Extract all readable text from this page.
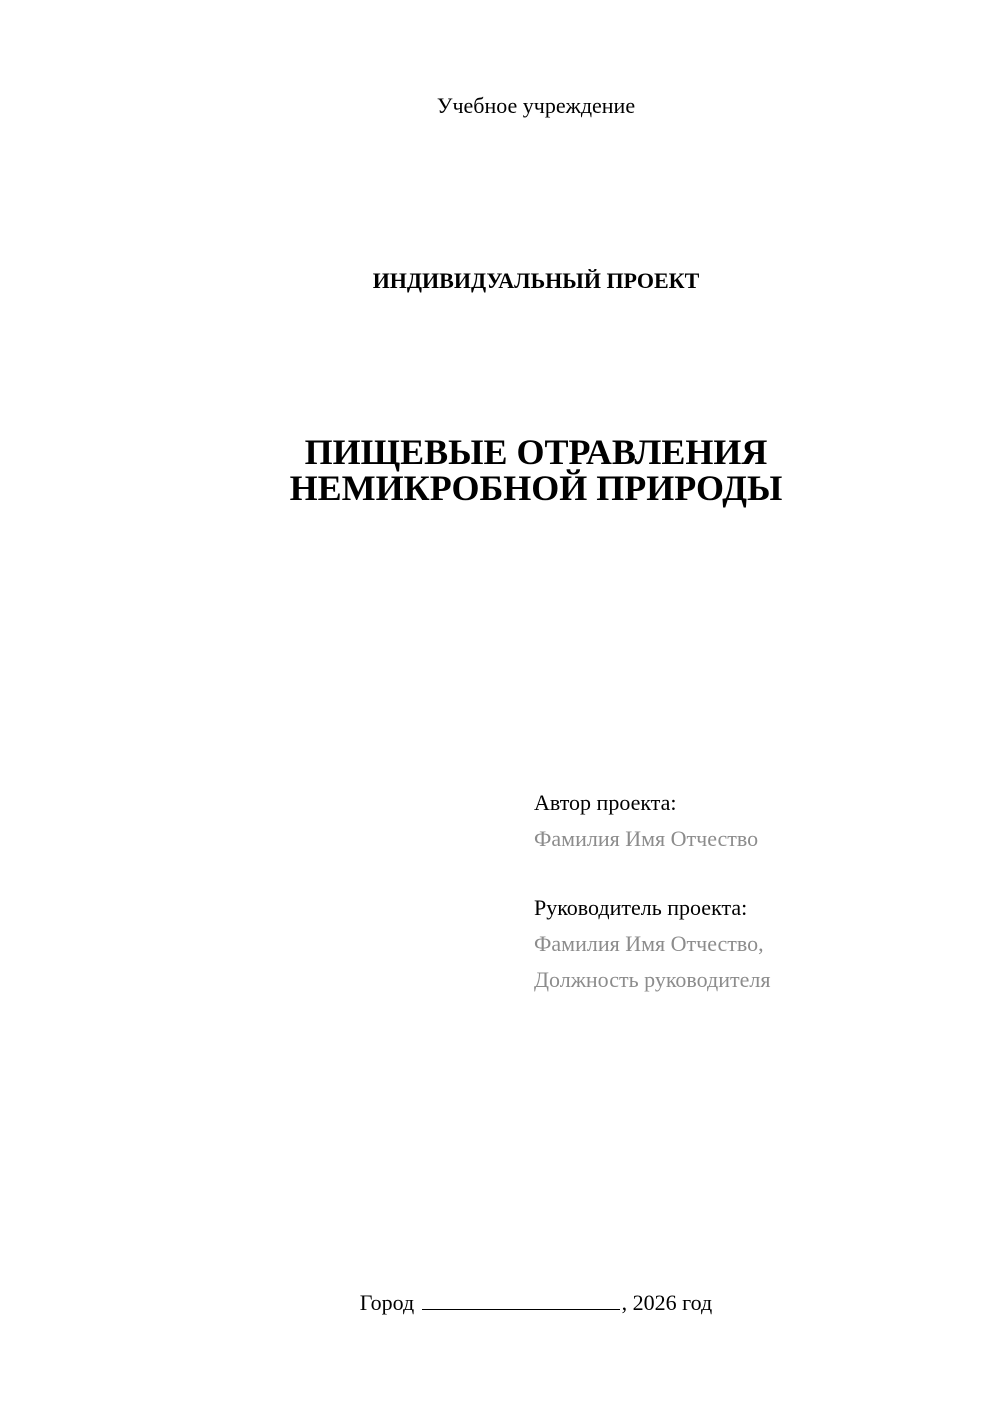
Учебное учреждение
ИНДИВИДУАЛЬНЫЙ ПРОЕКТ
ПИЩЕВЫЕ ОТРАВЛЕНИЯ
НЕМИКРОБНОЙ ПРИРОДЫ
Автор проекта:
Фамилия Имя Отчество
Руководитель проекта:
Фамилия Имя Отчество,
Должность руководителя
Город	, 2026 год
